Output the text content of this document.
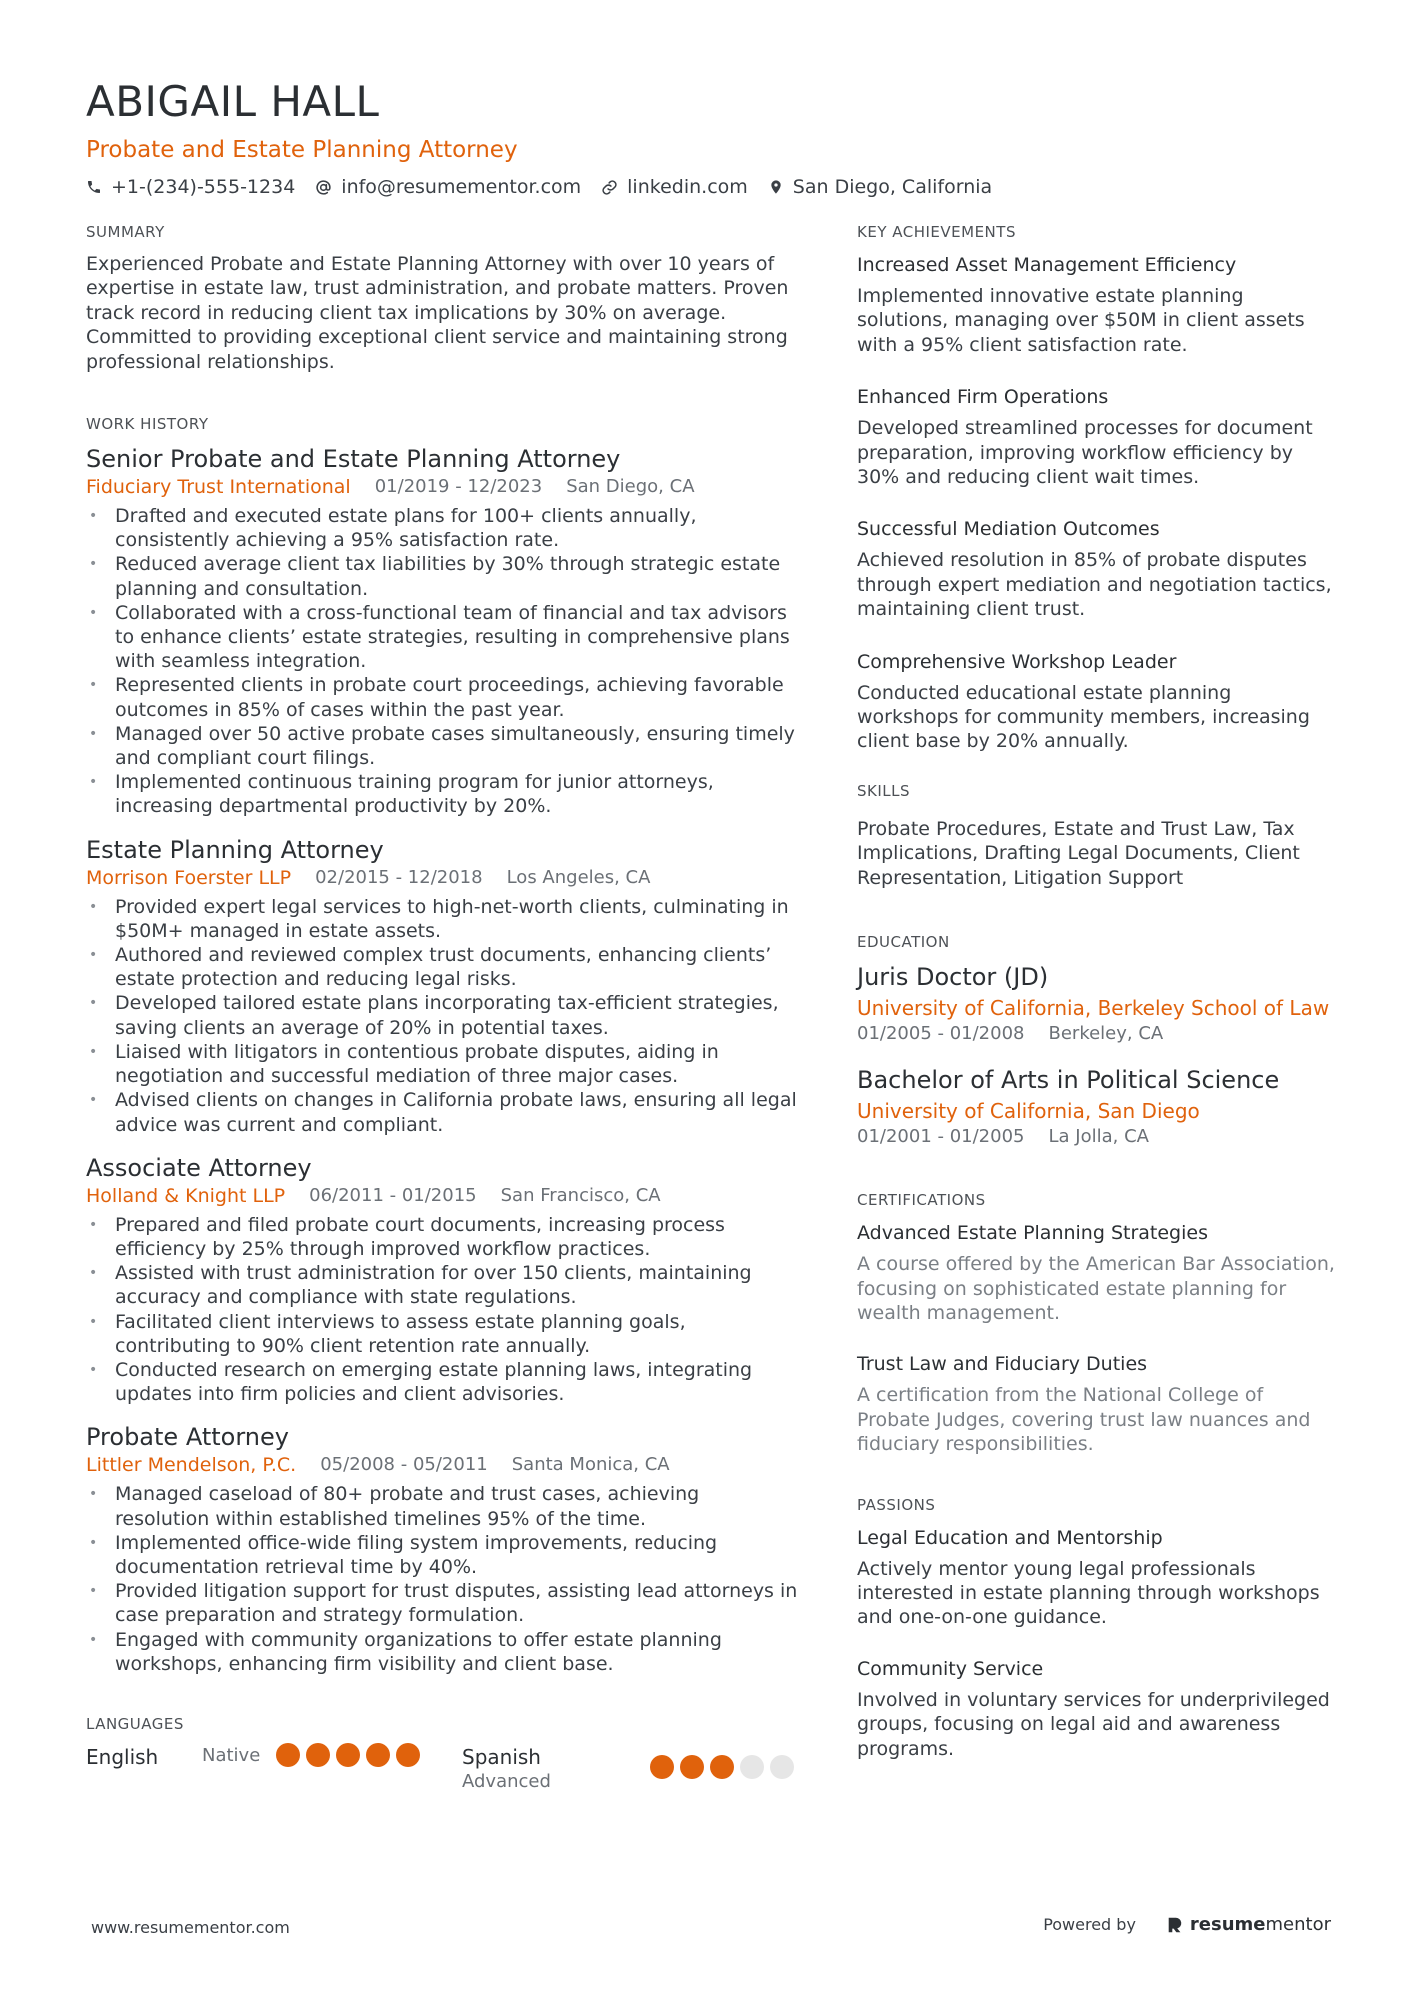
ABIGAIL HALL
Probate and Estate Planning Attorney
+1-(234)-555-1234 info@resumementor.com linkedin.com San Diego, California
SUMMARY
Experienced Probate and Estate Planning Attorney with over 10 years of expertise in estate law, trust administration, and probate matters. Proven track record in reducing client tax implications by 30% on average. Committed to providing exceptional client service and maintaining strong professional relationships.
WORK HISTORY
Senior Probate and Estate Planning Attorney
Fiduciary Trust International 01/2019 - 12/2023 San Diego, CA
• Drafted and executed estate plans for 100+ clients annually, consistently achieving a 95% satisfaction rate.
• Reduced average client tax liabilities by 30% through strategic estate planning and consultation.
• Collaborated with a cross-functional team of financial and tax advisors to enhance clients’ estate strategies, resulting in comprehensive plans with seamless integration.
• Represented clients in probate court proceedings, achieving favorable outcomes in 85% of cases within the past year.
• Managed over 50 active probate cases simultaneously, ensuring timely and compliant court filings.
• Implemented continuous training program for junior attorneys, increasing departmental productivity by 20%.
Estate Planning Attorney
Morrison Foerster LLP 02/2015 - 12/2018 Los Angeles, CA
• Provided expert legal services to high-net-worth clients, culminating in $50M+ managed in estate assets.
• Authored and reviewed complex trust documents, enhancing clients’ estate protection and reducing legal risks.
• Developed tailored estate plans incorporating tax-efficient strategies, saving clients an average of 20% in potential taxes.
• Liaised with litigators in contentious probate disputes, aiding in negotiation and successful mediation of three major cases.
• Advised clients on changes in California probate laws, ensuring all legal advice was current and compliant.
Associate Attorney
Holland & Knight LLP 06/2011 - 01/2015 San Francisco, CA
• Prepared and filed probate court documents, increasing process efficiency by 25% through improved workflow practices.
• Assisted with trust administration for over 150 clients, maintaining accuracy and compliance with state regulations.
• Facilitated client interviews to assess estate planning goals, contributing to 90% client retention rate annually.
• Conducted research on emerging estate planning laws, integrating updates into firm policies and client advisories.
Probate Attorney
Littler Mendelson, P.C. 05/2008 - 05/2011 Santa Monica, CA
• Managed caseload of 80+ probate and trust cases, achieving resolution within established timelines 95% of the time.
• Implemented office-wide filing system improvements, reducing documentation retrieval time by 40%.
• Provided litigation support for trust disputes, assisting lead attorneys in case preparation and strategy formulation.
• Engaged with community organizations to offer estate planning workshops, enhancing firm visibility and client base.
LANGUAGES
English Native	Spanish
Advanced
KEY ACHIEVEMENTS
Increased Asset Management Efficiency
Implemented innovative estate planning solutions, managing over $50M in client assets with a 95% client satisfaction rate.
Enhanced Firm Operations
Developed streamlined processes for document preparation, improving workflow efficiency by 30% and reducing client wait times.
Successful Mediation Outcomes
Achieved resolution in 85% of probate disputes through expert mediation and negotiation tactics, maintaining client trust.
Comprehensive Workshop Leader
Conducted educational estate planning workshops for community members, increasing client base by 20% annually.
SKILLS
Probate Procedures, Estate and Trust Law, Tax Implications, Drafting Legal Documents, Client Representation, Litigation Support
EDUCATION
Juris Doctor (JD)
University of California, Berkeley School of Law
01/2005 - 01/2008 Berkeley, CA
Bachelor of Arts in Political Science
University of California, San Diego
01/2001 - 01/2005 La Jolla, CA
CERTIFICATIONS
Advanced Estate Planning Strategies
A course offered by the American Bar Association, focusing on sophisticated estate planning for wealth management.
Trust Law and Fiduciary Duties
A certification from the National College of Probate Judges, covering trust law nuances and fiduciary responsibilities.
PASSIONS
Legal Education and Mentorship
Actively mentor young legal professionals interested in estate planning through workshops and one-on-one guidance.
Community Service
Involved in voluntary services for underprivileged groups, focusing on legal aid and awareness programs.
www.resumementor.com	Powered by	resume mentor
